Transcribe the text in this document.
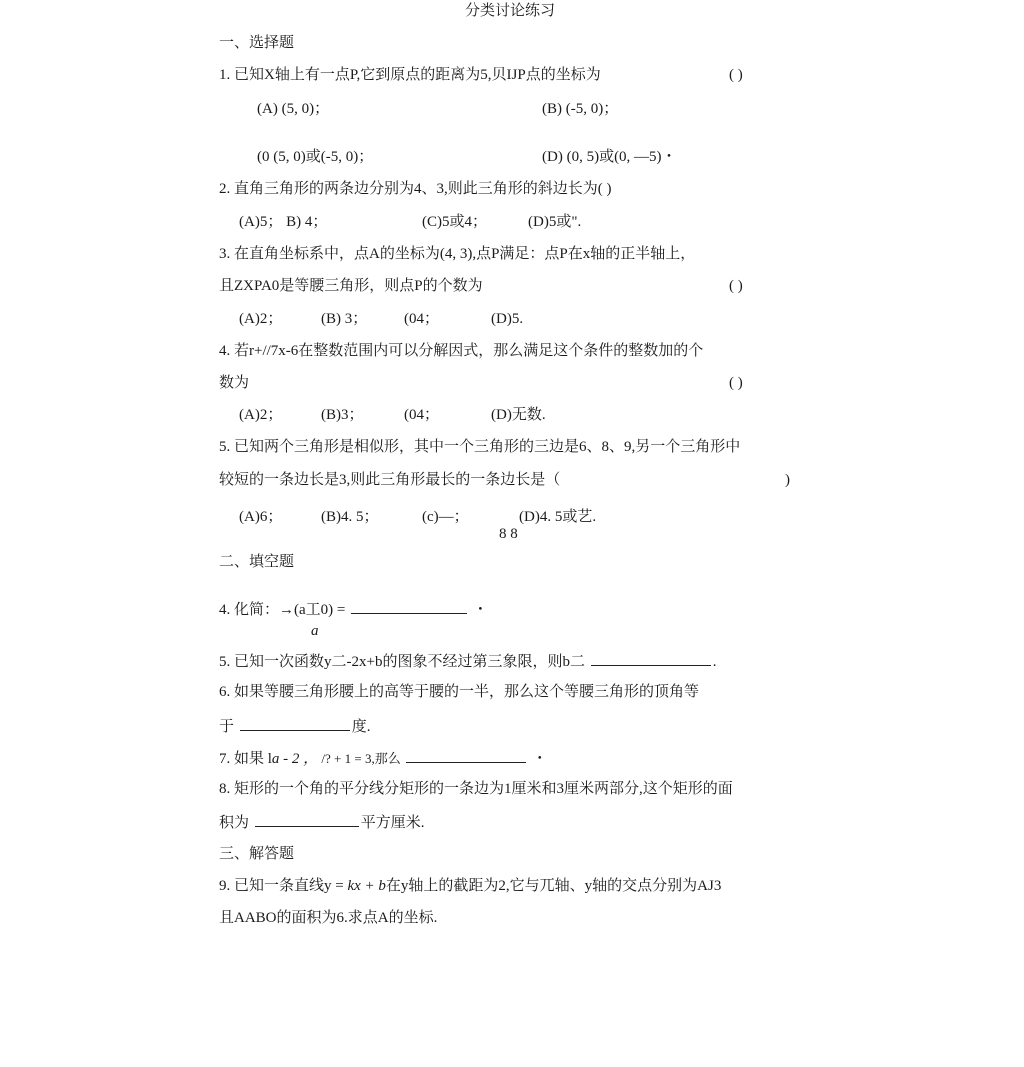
分类讨论练习
一、选择题
1. 已知X轴上有一点P,它到原点的距离为5,贝IJP点的坐标为	( )
(A) (5, 0)；	(B) (-5, 0)；
(0 (5, 0)或(-5, 0)；	(D) (0, 5)或(0, —5)・
2. 直角三角形的两条边分别为4、3,则此三角形的斜边长为( )
(A)5； B) 4；	(C)5或4；	(D)5或".
3. 在直角坐标系中，点A的坐标为(4, 3),点P满足：点P在x轴的正半轴上，
且ZXPA0是等腰三角形，则点P的个数为	( )
(A)2；	(B) 3； (04；	(D)5.
4. 若r+//7x-6在整数范围内可以分解因式，那么满足这个条件的整数加的个
数为	( )
(A)2；	(B)3；	(04；	(D)无数.
5. 已知两个三角形是相似形，其中一个三角形的三边是6、8、9,另一个三角形中
较短的一条边长是3,则此三角形最长的一条边长是（	)
(A)6；	(B)4. 5；	(c)—；	(D)4. 5或艺.
8 8
二、填空题
4. 化简：→(a工0) =	・
a
5. 已知一次函数y二-2x+b的图象不经过第三象限，则b二	.
6. 如果等腰三角形腰上的高等于腰的一半，那么这个等腰三角形的顶角等
于	度.
7. 如果 la - 2 ， /? + 1 = 3,那么	・
8. 矩形的一个角的平分线分矩形的一条边为1厘米和3厘米两部分,这个矩形的面
积为	平方厘米.
三、解答题
9. 已知一条直线y = kx + b在y轴上的截距为2,它与兀轴、y轴的交点分别为AJ3
且AABO的面积为6.求点A的坐标.
